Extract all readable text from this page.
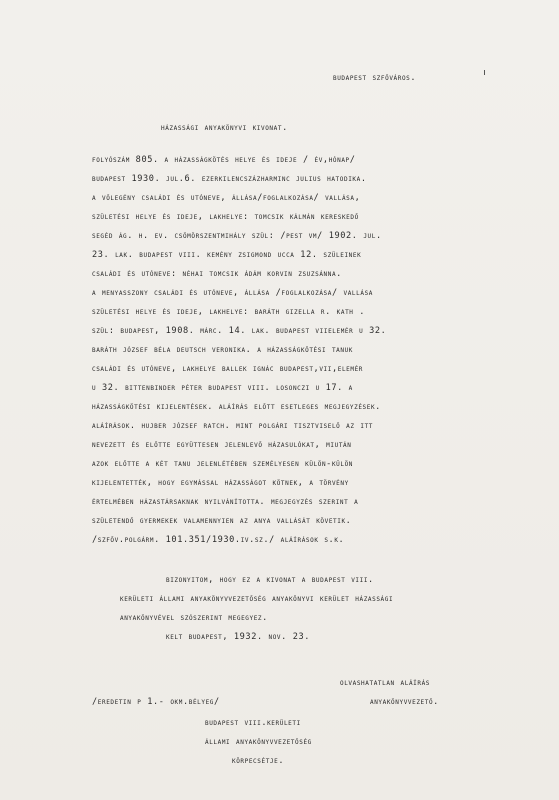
budapest szfőváros.
házassági anyakönyvi kivonat.
folyószám 805. a házasságkötés helye és ideje / év,hónap/
budapest 1930. jul.6. ezerkilencszázharminc julius hatodika.
a vőlegény családi és utóneve, állása/foglalkozása/ vallása,
születési helye és ideje, lakhelye: tomcsik kálmán kereskedő
segéd ág. h. ev. csömörszentmihály szül: /pest vm/ 1902. jul.
23. lak. budapest viii. kemény zsigmond ucca 12. szüleinek
családi és utóneve: néhai tomcsik ádám korvin zsuzsánna.
a menyasszony családi és utóneve, állása /foglalkozása/ vallása
születési helye és ideje, lakhelye: baráth gizella r. kath .
szül: budapest, 1908. márc. 14. lak. budapest viielemér u 32.
baráth józsef béla deutsch veronika. a házasságkötési tanuk
családi és utóneve, lakhelye ballek ignác budapest,vii,elemér
u 32. bittenbinder péter budapest viii. losonczi u 17. a
házasságkötési kijelentések. aláírás előtt esetleges megjegyzések.
aláírások. hujber józsef ratch. mint polgári tisztviselő az itt
nevezett és előtte együttesen jelenlevő házasulókat, miután
azok előtte a két tanu jelenlétében személyesen külön-külön
kijelentették, hogy egymással házasságot kötnek, a törvény
értelmében házastársaknak nyilvánította. megjegyzés szerint a
születendő gyermekek valamennyien az anya vallását követik.
/szfőv.polgárm. 101.351/1930.iv.sz./ aláírások s.k.
bizonyitom, hogy ez a kivonat a budapest viii.
kerületi állami anyakönyvvezetőség anyakönyvi kerület házassági
anyakönyvével szószerint megegyez.
kelt budapest, 1932. nov. 23.
olvashatatlan aláírás
anyakönyvvezető.
/eredetin p 1.- okm.bélyeg/
budapest viii.kerületi
állami anyakönyvvezetőség
körpecsétje.
